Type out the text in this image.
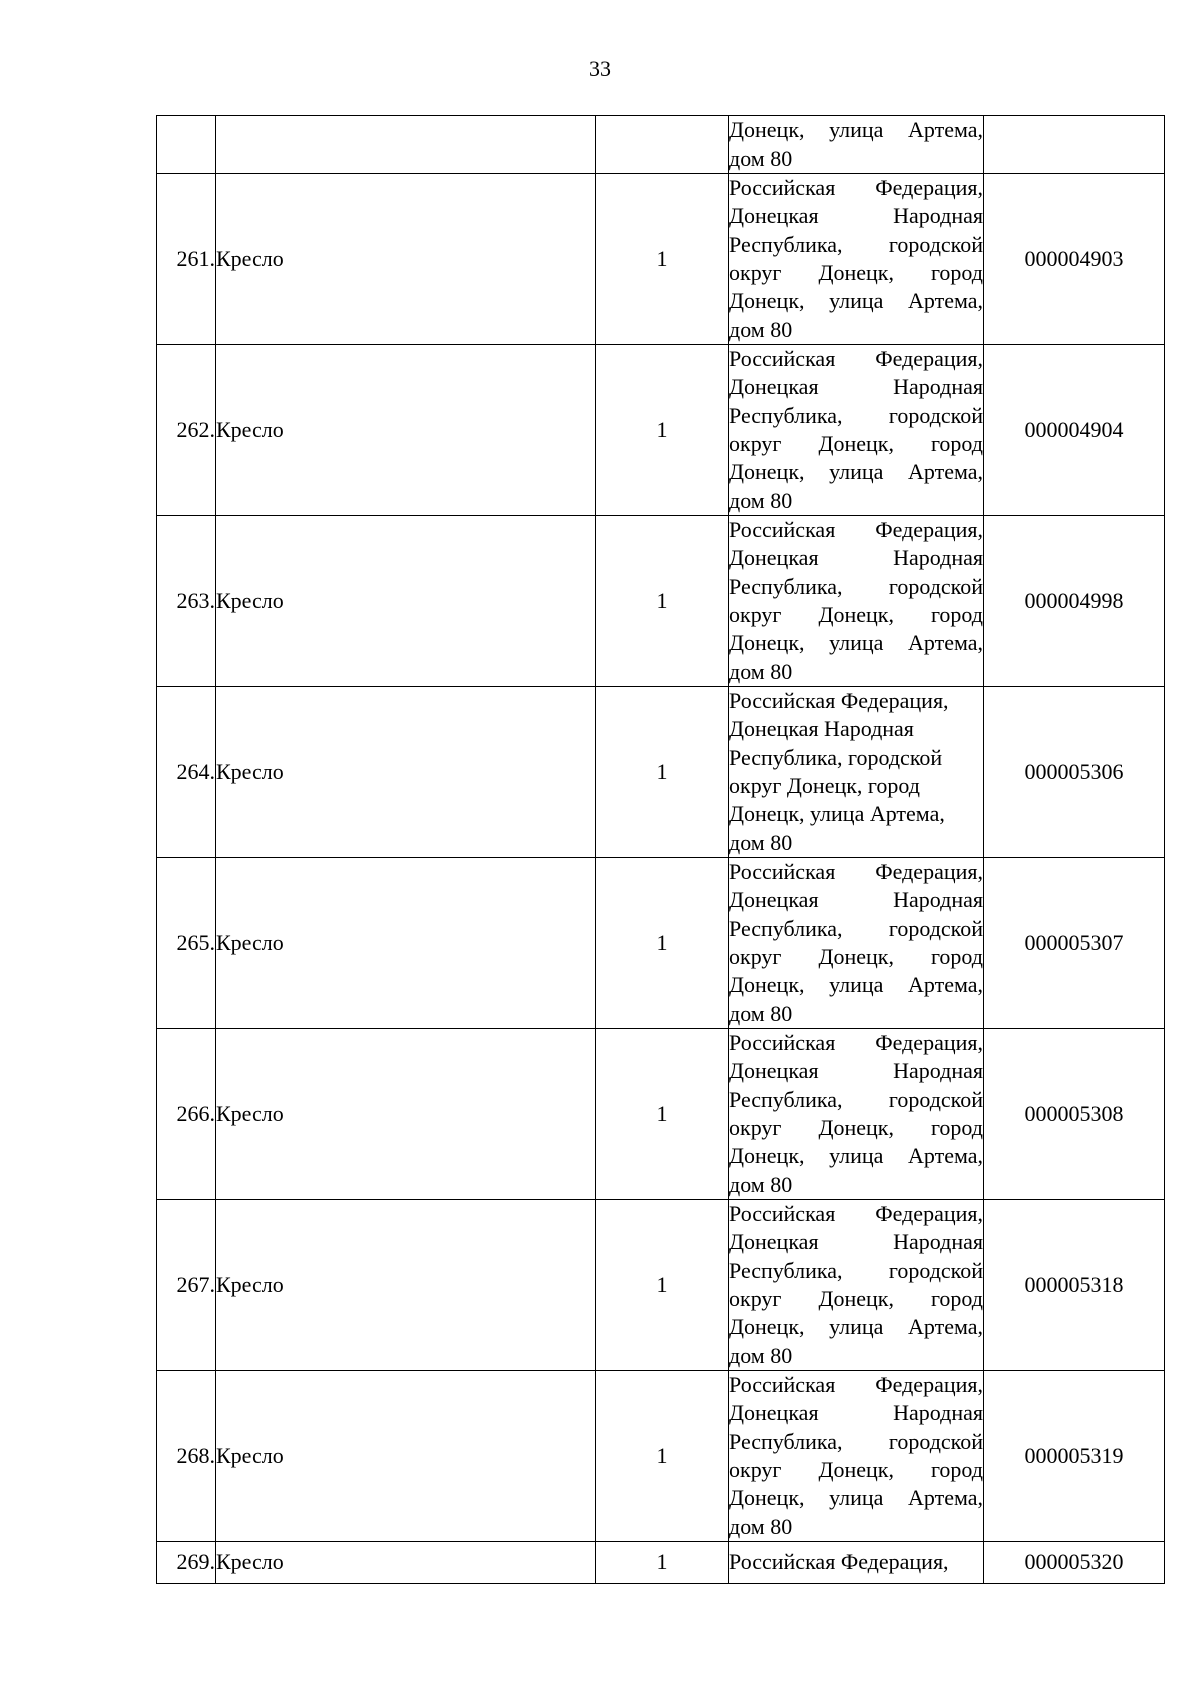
33
			Донецк, улица Артема, дом 80	
261.	Кресло	1	Российская Федерация, Донецкая Народная Республика, городской округ Донецк, город Донецк, улица Артема, дом 80	000004903
262.	Кресло	1	Российская Федерация, Донецкая Народная Республика, городской округ Донецк, город Донецк, улица Артема, дом 80	000004904
263.	Кресло	1	Российская Федерация, Донецкая Народная Республика, городской округ Донецк, город Донецк, улица Артема, дом 80	000004998
264.	Кресло	1	Российская Федерация, Донецкая Народная Республика, городской округ Донецк, город Донецк, улица Артема, дом 80	000005306
265.	Кресло	1	Российская Федерация, Донецкая Народная Республика, городской округ Донецк, город Донецк, улица Артема, дом 80	000005307
266.	Кресло	1	Российская Федерация, Донецкая Народная Республика, городской округ Донецк, город Донецк, улица Артема, дом 80	000005308
267.	Кресло	1	Российская Федерация, Донецкая Народная Республика, городской округ Донецк, город Донецк, улица Артема, дом 80	000005318
268.	Кресло	1	Российская Федерация, Донецкая Народная Республика, городской округ Донецк, город Донецк, улица Артема, дом 80	000005319
269.	Кресло	1	Российская Федерация,	000005320
